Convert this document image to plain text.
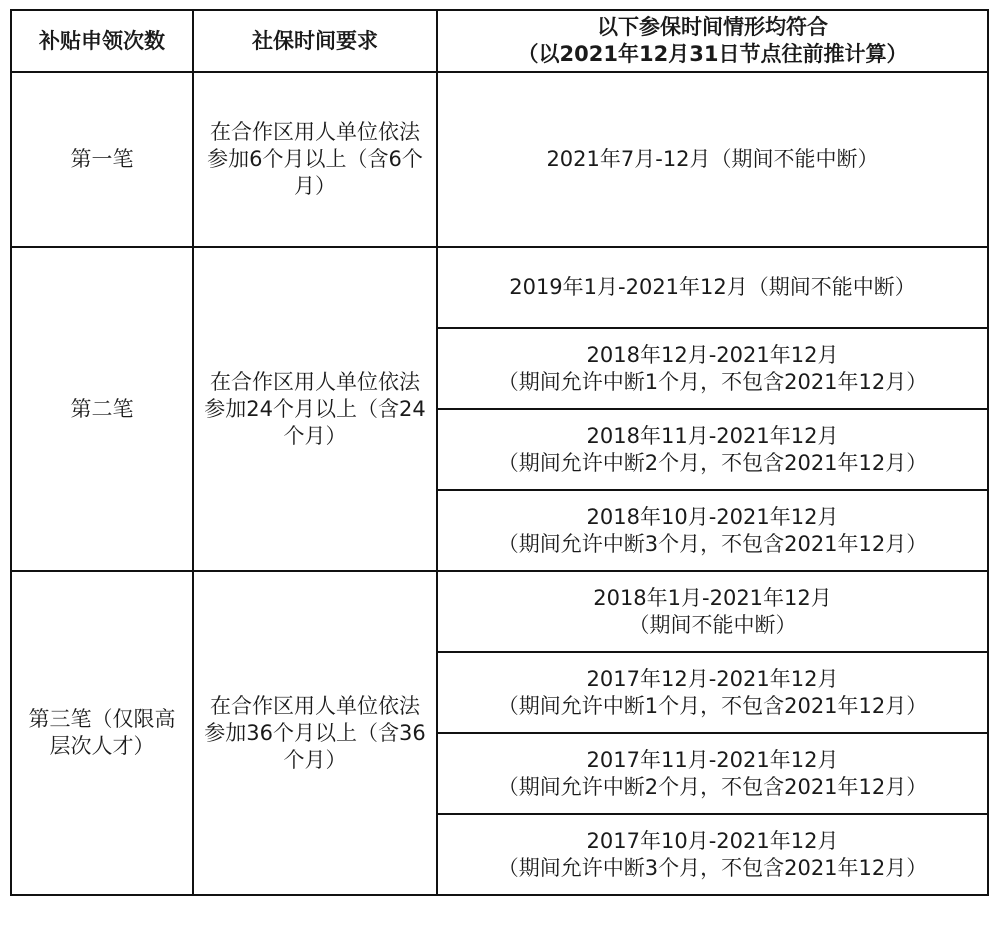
补贴申领次数	社保时间要求	以下参保时间情形均符合
（以2021年12月31日节点往前推计算）

第一笔	在合作区用人单位依法参加6个月以上（含6个月）	2021年7月-12月（期间不能中断）

第二笔	在合作区用人单位依法参加24个月以上（含24个月）	2019年1月-2021年12月（期间不能中断）

		2018年12月-2021年12月
（期间允许中断1个月，不包含2021年12月）

		2018年11月-2021年12月
（期间允许中断2个月，不包含2021年12月）

		2018年10月-2021年12月
（期间允许中断3个月，不包含2021年12月）

第三笔（仅限高层次人才）	在合作区用人单位依法参加36个月以上（含36个月）	2018年1月-2021年12月
（期间不能中断）

		2017年12月-2021年12月
（期间允许中断1个月，不包含2021年12月）

		2017年11月-2021年12月
（期间允许中断2个月，不包含2021年12月）

		2017年10月-2021年12月
（期间允许中断3个月，不包含2021年12月）
